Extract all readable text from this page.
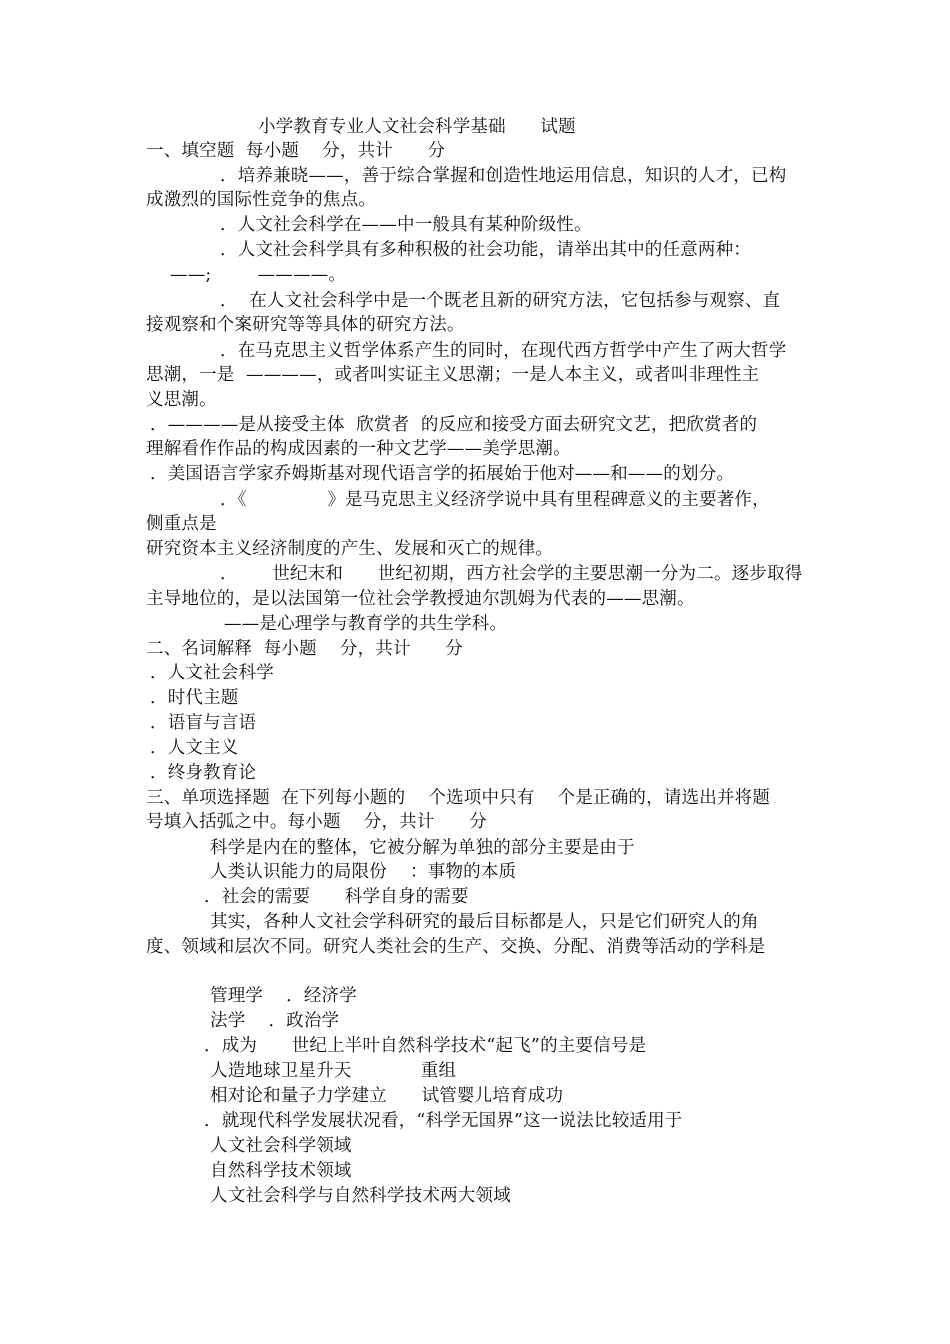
小学教育专业人文社会科学基础      试题
一、填空题  每小题    分，共计      分
．培养兼晓——，善于综合掌握和创造性地运用信息，知识的人才，已构
成激烈的国际性竞争的焦点。
．人文社会科学在——中一般具有某种阶级性。
．人文社会科学具有多种积极的社会功能，请举出其中的任意两种：
——;        ————。
．  在人文社会科学中是一个既老且新的研究方法，它包括参与观察、直
接观察和个案研究等等具体的研究方法。
．在马克思主义哲学体系产生的同时，在现代西方哲学中产生了两大哲学
思潮，一是  ————，或者叫实证主义思潮；一是人本主义，或者叫非理性主
义思潮。
．————是从接受主体  欣赏者  的反应和接受方面去研究文艺，把欣赏者的
理解看作作品的构成因素的一种文艺学——美学思潮。
．美国语言学家乔姆斯基对现代语言学的拓展始于他对——和——的划分。
．《              》是马克思主义经济学说中具有里程碑意义的主要著作，
侧重点是
研究资本主义经济制度的产生、发展和灭亡的规律。
．      世纪末和      世纪初期，西方社会学的主要思潮一分为二。逐步取得
主导地位的，是以法国第一位社会学教授迪尔凯姆为代表的——思潮。
——是心理学与教育学的共生学科。
二、名词解释  每小题    分，共计      分
．人文社会科学
．时代主题
．语盲与言语
．人文主义
．终身教育论
三、单项选择题  在下列每小题的    个选项中只有    个是正确的，请选出并将题
号填入括弧之中。每小题    分，共计      分
科学是内在的整体，它被分解为单独的部分主要是由于
人类认识能力的局限份    ：事物的本质
．社会的需要      科学自身的需要
其实，各种人文社会学科研究的最后目标都是人，只是它们研究人的角
度、领域和层次不同。研究人类社会的生产、交换、分配、消费等活动的学科是
管理学    ．经济学
法学    ．政治学
．成为      世纪上半叶自然科学技术“起飞”的主要信号是
人造地球卫星升天            重组
相对论和量子力学建立      试管婴儿培育成功
．就现代科学发展状况看，“科学无国界”这一说法比较适用于
人文社会科学领域
自然科学技术领域
人文社会科学与自然科学技术两大领域
